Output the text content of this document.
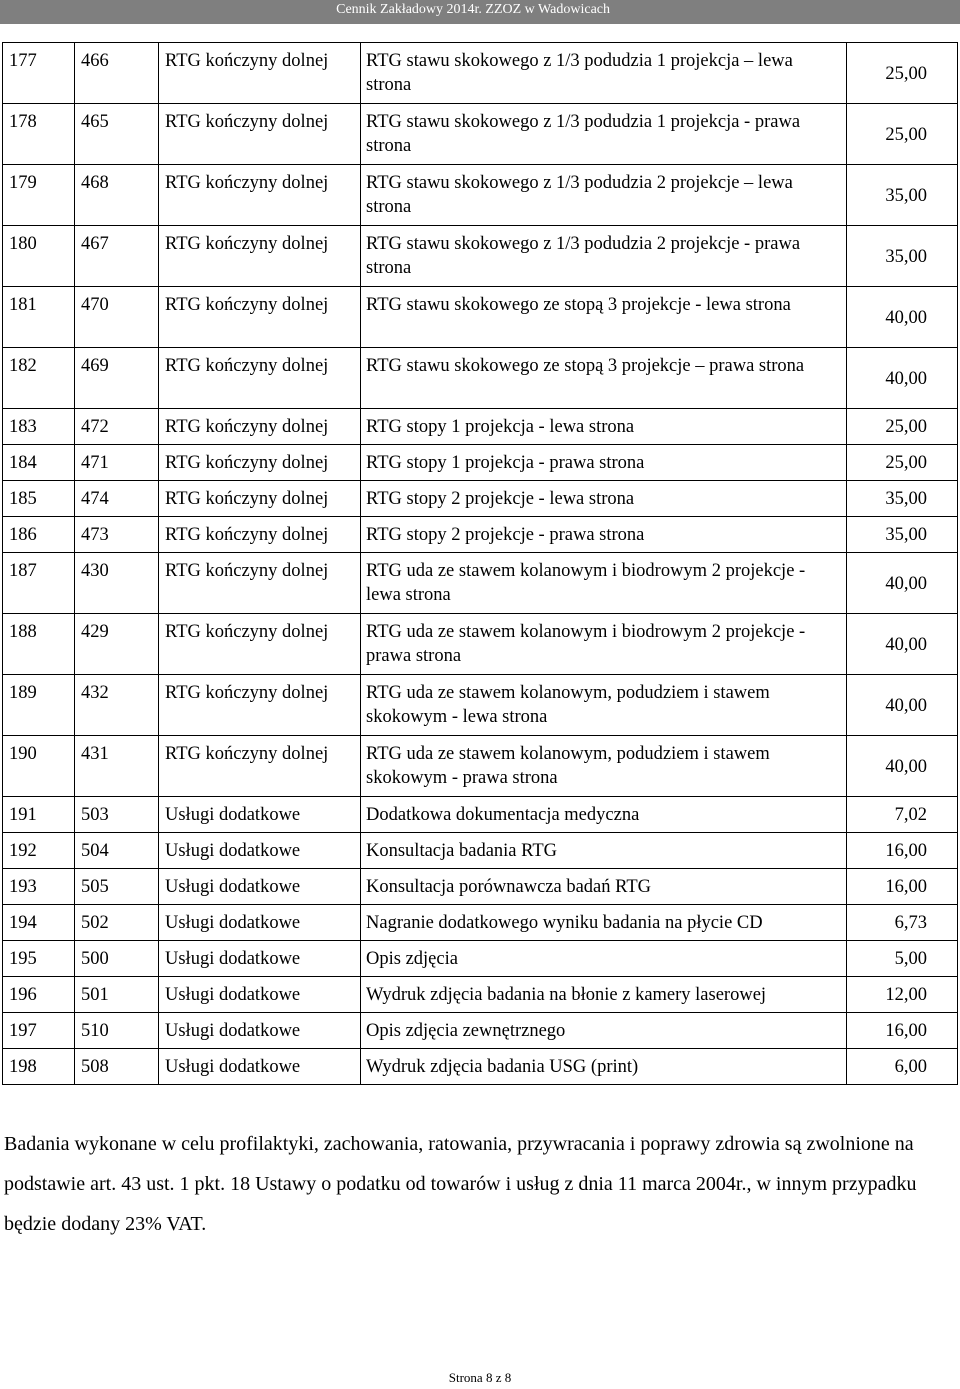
Cennik Zakładowy 2014r. ZZOZ w Wadowicach
177	466	RTG kończyny dolnej	RTG stawu skokowego z 1/3 podudzia 1 projekcja – lewa strona	25,00
178	465	RTG kończyny dolnej	RTG stawu skokowego z 1/3 podudzia 1 projekcja - prawa strona	25,00
179	468	RTG kończyny dolnej	RTG stawu skokowego z 1/3 podudzia 2 projekcje – lewa strona	35,00
180	467	RTG kończyny dolnej	RTG stawu skokowego z 1/3 podudzia 2 projekcje - prawa strona	35,00
181	470	RTG kończyny dolnej	RTG stawu skokowego ze stopą 3 projekcje - lewa strona	40,00
182	469	RTG kończyny dolnej	RTG stawu skokowego ze stopą 3 projekcje – prawa strona	40,00
183	472	RTG kończyny dolnej	RTG stopy 1 projekcja - lewa strona	25,00
184	471	RTG kończyny dolnej	RTG stopy 1 projekcja - prawa strona	25,00
185	474	RTG kończyny dolnej	RTG stopy 2 projekcje - lewa strona	35,00
186	473	RTG kończyny dolnej	RTG stopy 2 projekcje - prawa strona	35,00
187	430	RTG kończyny dolnej	RTG uda ze stawem kolanowym i biodrowym 2 projekcje - lewa strona	40,00
188	429	RTG kończyny dolnej	RTG uda ze stawem kolanowym i biodrowym 2 projekcje - prawa strona	40,00
189	432	RTG kończyny dolnej	RTG uda ze stawem kolanowym, podudziem i stawem skokowym - lewa strona	40,00
190	431	RTG kończyny dolnej	RTG uda ze stawem kolanowym, podudziem i stawem skokowym - prawa strona	40,00
191	503	Usługi dodatkowe	Dodatkowa dokumentacja medyczna	7,02
192	504	Usługi dodatkowe	Konsultacja badania RTG	16,00
193	505	Usługi dodatkowe	Konsultacja porównawcza badań RTG	16,00
194	502	Usługi dodatkowe	Nagranie dodatkowego wyniku badania na płycie CD	6,73
195	500	Usługi dodatkowe	Opis zdjęcia	5,00
196	501	Usługi dodatkowe	Wydruk zdjęcia badania na błonie z kamery laserowej	12,00
197	510	Usługi dodatkowe	Opis zdjęcia zewnętrznego	16,00
198	508	Usługi dodatkowe	Wydruk zdjęcia badania USG (print)	6,00
Badania wykonane w celu profilaktyki, zachowania, ratowania, przywracania i poprawy zdrowia są zwolnione na podstawie art. 43 ust. 1 pkt. 18 Ustawy o podatku od towarów i usług z dnia 11 marca 2004r., w innym przypadku będzie dodany 23% VAT.
Strona 8 z 8
